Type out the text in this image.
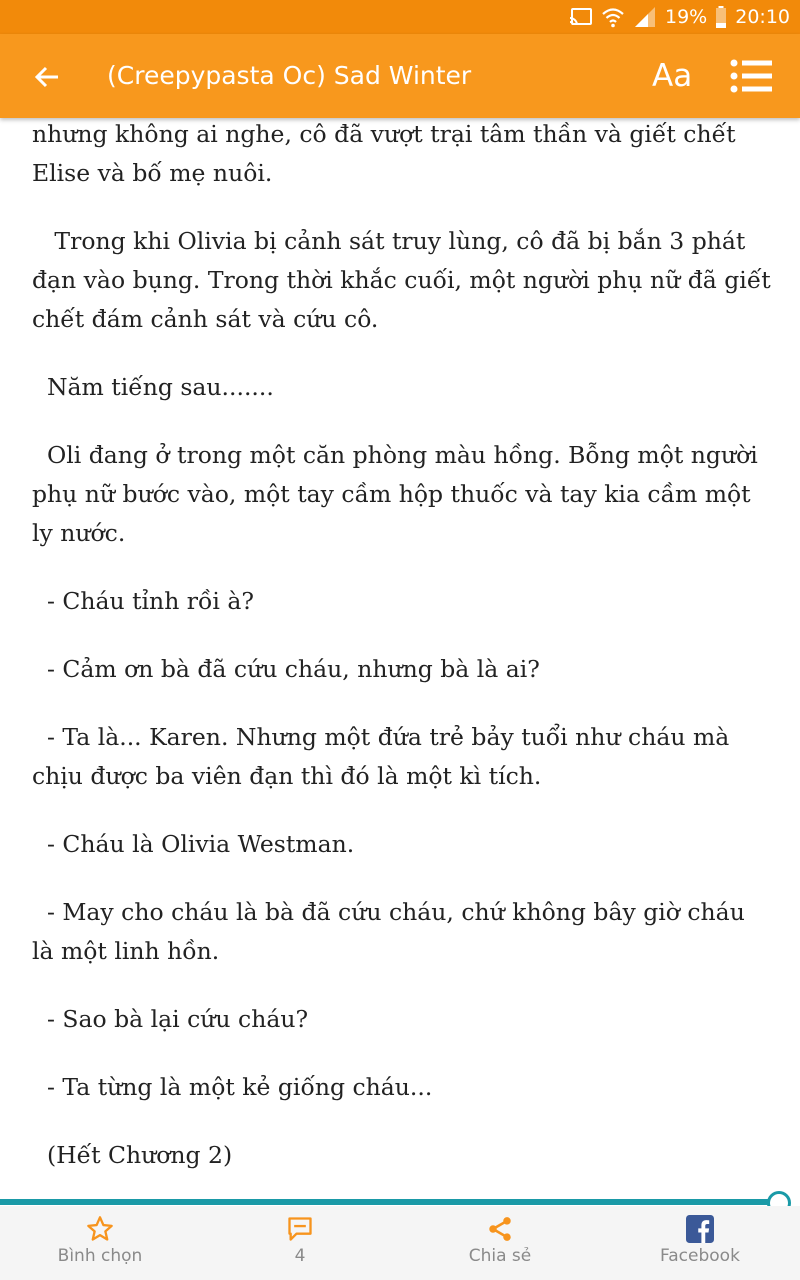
19% 20:10
(Creepypasta Oc) Sad Winter	Aa

nhưng không ai nghe, cô đã vượt trại tâm thần và giết chết Elise và bố mẹ nuôi.

Trong khi Olivia bị cảnh sát truy lùng, cô đã bị bắn 3 phát đạn vào bụng. Trong thời khắc cuối, một người phụ nữ đã giết chết đám cảnh sát và cứu cô.

Năm tiếng sau.......

Oli đang ở trong một căn phòng màu hồng. Bỗng một người phụ nữ bước vào, một tay cầm hộp thuốc và tay kia cầm một ly nước.

- Cháu tỉnh rồi à?

- Cảm ơn bà đã cứu cháu, nhưng bà là ai?

- Ta là... Karen. Nhưng một đứa trẻ bảy tuổi như cháu mà chịu được ba viên đạn thì đó là một kì tích.

- Cháu là Olivia Westman.

- May cho cháu là bà đã cứu cháu, chứ không bây giờ cháu là một linh hồn.

- Sao bà lại cứu cháu?

- Ta từng là một kẻ giống cháu...

(Hết Chương 2)

Bình chọn	4	Chia sẻ	Facebook
